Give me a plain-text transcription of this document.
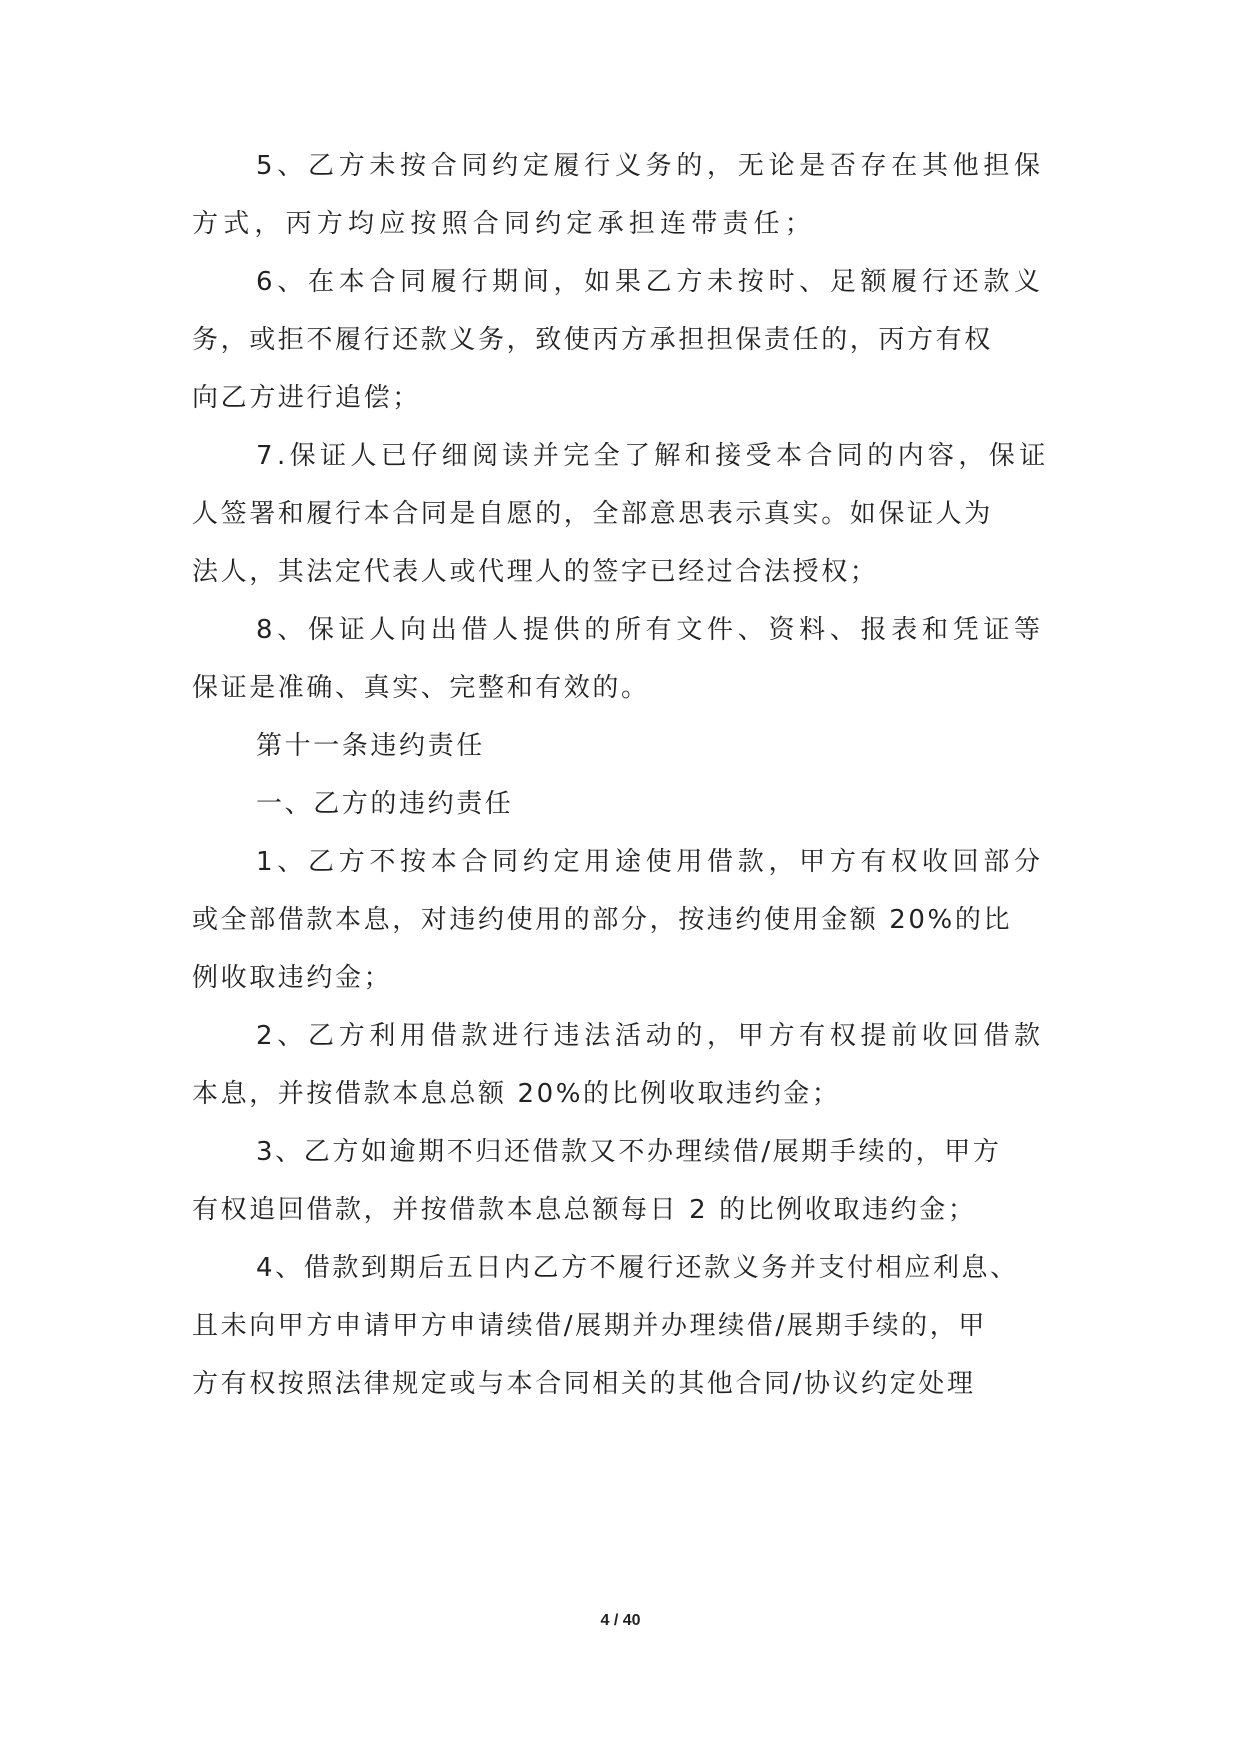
5、乙方未按合同约定履行义务的，无论是否存在其他担保
方式，丙方均应按照合同约定承担连带责任；
6、在本合同履行期间，如果乙方未按时、足额履行还款义
务，或拒不履行还款义务，致使丙方承担担保责任的，丙方有权
向乙方进行追偿；
7.保证人已仔细阅读并完全了解和接受本合同的内容，保证
人签署和履行本合同是自愿的，全部意思表示真实。如保证人为
法人，其法定代表人或代理人的签字已经过合法授权；
8、保证人向出借人提供的所有文件、资料、报表和凭证等
保证是准确、真实、完整和有效的。
第十一条违约责任
一、乙方的违约责任
1、乙方不按本合同约定用途使用借款，甲方有权收回部分
或全部借款本息，对违约使用的部分，按违约使用金额 20%的比
例收取违约金；
2、乙方利用借款进行违法活动的，甲方有权提前收回借款
本息，并按借款本息总额 20%的比例收取违约金；
3、乙方如逾期不归还借款又不办理续借/展期手续的，甲方
有权追回借款，并按借款本息总额每日 2 的比例收取违约金；
4、借款到期后五日内乙方不履行还款义务并支付相应利息、
且未向甲方申请甲方申请续借/展期并办理续借/展期手续的，甲
方有权按照法律规定或与本合同相关的其他合同/协议约定处理
4 / 40
